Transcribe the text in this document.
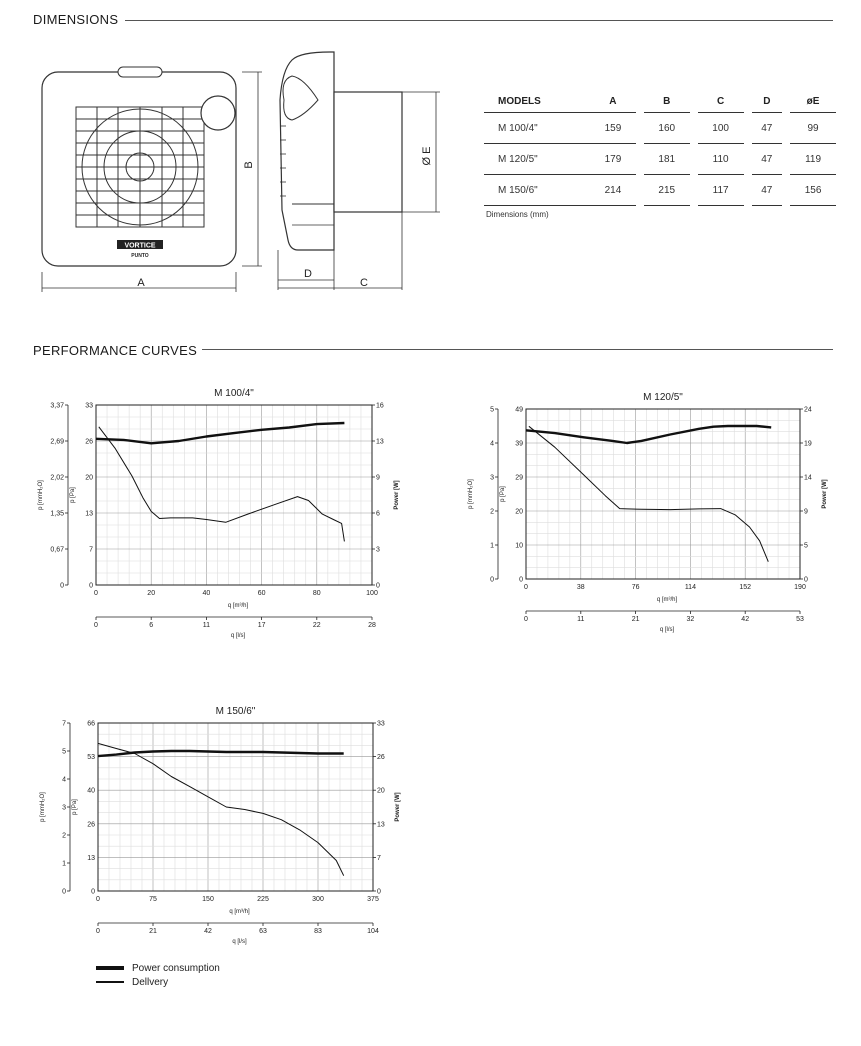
DIMENSIONS
PERFORMANCE CURVES
VORTICE
PUNTO
A
B
D
C
Ø E
MODELS	A		B		C		D		øE
M 100/4"	159		160		100		47		99
M 120/5"	179		181		110		47		119
M 150/6"	214		215		117		47		156
Dimensions (mm)
M 100/4"
0	20	40	60	80	100
q [m³/h]
0	6	11	17	22	28
q [l/s]
0
7
13
20
26
33
p [Pa]
0
0,67
1,35
2,02
2,69
3,37
p [mmH₂O]
0
3
6
9
13
16
Power [W]
M 120/5"
0	38	76	114	152	190
q [m³/h]
0	11	21	32	42	53
q [l/s]
0
10
20
29
39
49
p [Pa]
0
1
2
3
4
5
p [mmH₂O]
0
5
9
14
19
24
Power [W]
M 150/6"
0	75	150	225	300	375
q [m³/h]
0	21	42	63	83	104
q [l/s]
0
13
26
40
53
66
p [Pa]
0
1
2
3
4
5
7
p [mmH₂O]
0
7
13
20
26
33
Power [W]
Power consumption
Dellvery
